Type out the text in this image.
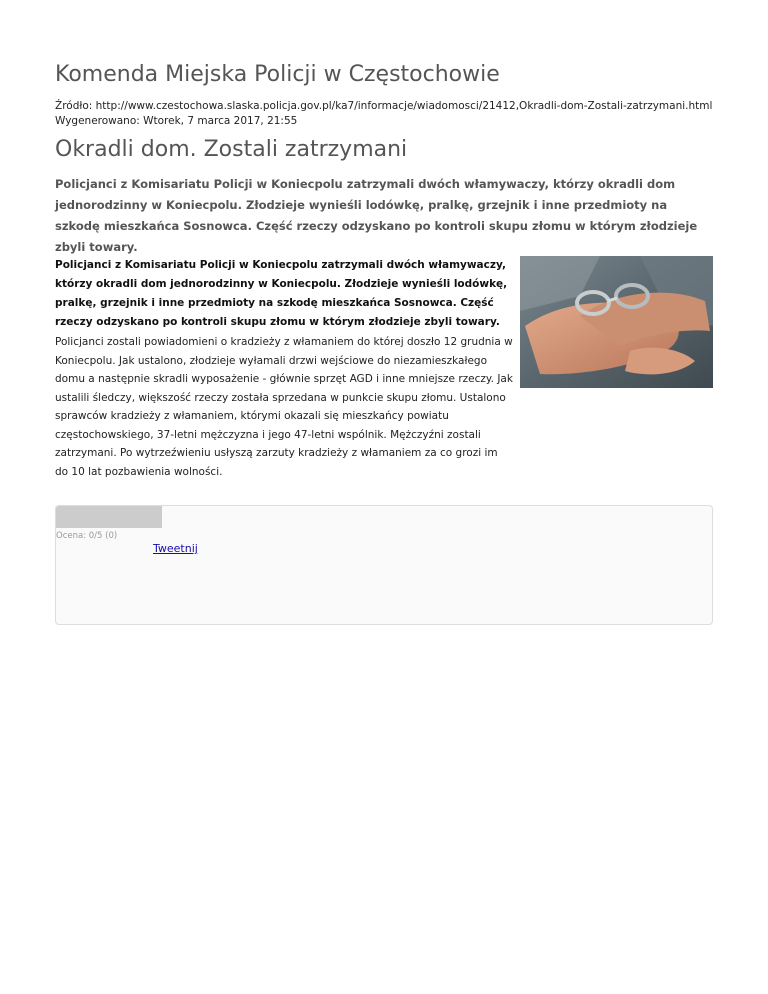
Komenda Miejska Policji w Częstochowie
Źródło: http://www.czestochowa.slaska.policja.gov.pl/ka7/informacje/wiadomosci/21412,Okradli-dom-Zostali-zatrzymani.html
Wygenerowano: Wtorek, 7 marca 2017, 21:55
Okradli dom. Zostali zatrzymani

Policjanci z Komisariatu Policji w Koniecpolu zatrzymali dwóch włamywaczy, którzy okradli dom jednorodzinny w Koniecpolu. Złodzieje wynieśli lodówkę, pralkę, grzejnik i inne przedmioty na szkodę mieszkańca Sosnowca. Część rzeczy odzyskano po kontroli skupu złomu w którym złodzieje zbyli towary.

Policjanci z Komisariatu Policji w Koniecpolu zatrzymali dwóch włamywaczy, którzy okradli dom jednorodzinny w Koniecpolu. Złodzieje wynieśli lodówkę, pralkę, grzejnik i inne przedmioty na szkodę mieszkańca Sosnowca. Część rzeczy odzyskano po kontroli skupu złomu w którym złodzieje zbyli towary.

Policjanci zostali powiadomieni o kradzieży z włamaniem do której doszło 12 grudnia w Koniecpolu. Jak ustalono, złodzieje wyłamali drzwi wejściowe do niezamieszkałego domu a następnie skradli wyposażenie - głównie sprzęt AGD i inne mniejsze rzeczy. Jak ustalili śledczy, większość rzeczy została sprzedana w punkcie skupu złomu. Ustalono sprawców kradzieży z włamaniem, którymi okazali się mieszkańcy powiatu częstochowskiego, 37-letni mężczyzna i jego 47-letni wspólnik. Mężczyźni zostali zatrzymani. Po wytrzeźwieniu usłyszą zarzuty kradzieży z włamaniem za co grozi im do 10 lat pozbawienia wolności.

Ocena: 0/5 (0)
Tweetnij
